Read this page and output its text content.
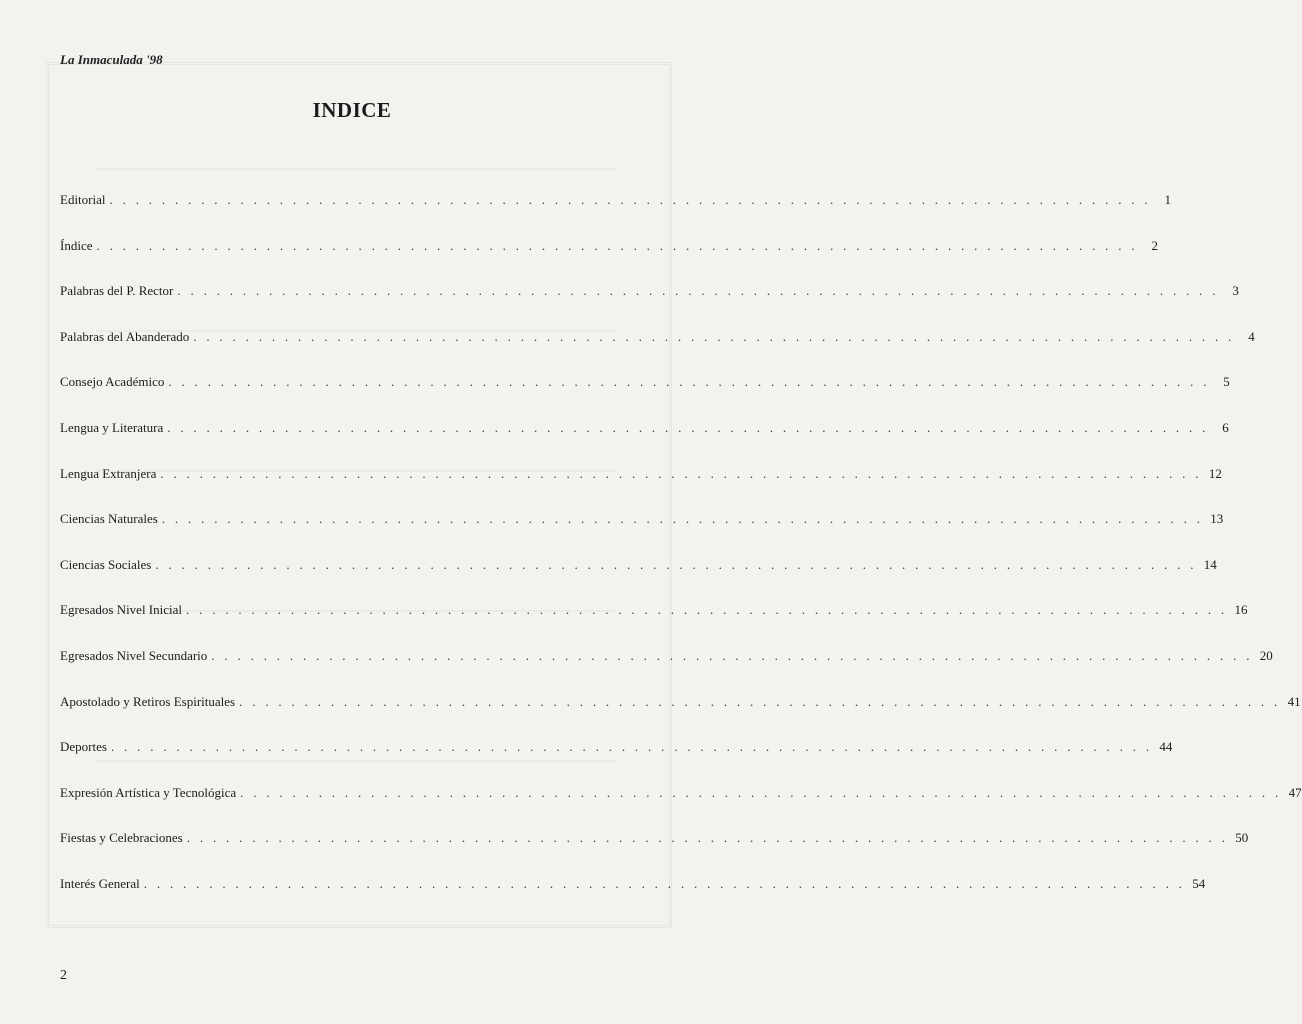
La Inmaculada '98
INDICE
Editorial . . . . . . . . . . . . . . . . . . . . . . . . . . . . . . . . . . . . . . . . . . . . . . . . . . . . . . . . . . . . . . . . . . . . . . . . . . . . . . . .	1
Índice . . . . . . . . . . . . . . . . . . . . . . . . . . . . . . . . . . . . . . . . . . . . . . . . . . . . . . . . . . . . . . . . . . . . . . . . . . . . . . . .	2
Palabras del P. Rector . . . . . . . . . . . . . . . . . . . . . . . . . . . . . . . . . . . . . . . . . . . . . . . . . . . . . . . . . . . . . . . . . . . . . . . . . . . . . . . .	3
Palabras del Abanderado . . . . . . . . . . . . . . . . . . . . . . . . . . . . . . . . . . . . . . . . . . . . . . . . . . . . . . . . . . . . . . . . . . . . . . . . . . . . . . . .	4
Consejo Académico . . . . . . . . . . . . . . . . . . . . . . . . . . . . . . . . . . . . . . . . . . . . . . . . . . . . . . . . . . . . . . . . . . . . . . . . . . . . . . . .	5
Lengua y Literatura . . . . . . . . . . . . . . . . . . . . . . . . . . . . . . . . . . . . . . . . . . . . . . . . . . . . . . . . . . . . . . . . . . . . . . . . . . . . . . . .	6
Lengua Extranjera . . . . . . . . . . . . . . . . . . . . . . . . . . . . . . . . . . . . . . . . . . . . . . . . . . . . . . . . . . . . . . . . . . . . . . . . . . . . . . . . 12
Ciencias Naturales . . . . . . . . . . . . . . . . . . . . . . . . . . . . . . . . . . . . . . . . . . . . . . . . . . . . . . . . . . . . . . . . . . . . . . . . . . . . . . . . 13
Ciencias Sociales . . . . . . . . . . . . . . . . . . . . . . . . . . . . . . . . . . . . . . . . . . . . . . . . . . . . . . . . . . . . . . . . . . . . . . . . . . . . . . . . 14
Egresados Nivel Inicial . . . . . . . . . . . . . . . . . . . . . . . . . . . . . . . . . . . . . . . . . . . . . . . . . . . . . . . . . . . . . . . . . . . . . . . . . . . . . . . . 16
Egresados Nivel Secundario . . . . . . . . . . . . . . . . . . . . . . . . . . . . . . . . . . . . . . . . . . . . . . . . . . . . . . . . . . . . . . . . . . . . . . . . . . . . . . . . 20
Apostolado y Retiros Espirituales . . . . . . . . . . . . . . . . . . . . . . . . . . . . . . . . . . . . . . . . . . . . . . . . . . . . . . . . . . . . . . . . . . . . . . . . . . . . . . . . 41
Deportes . . . . . . . . . . . . . . . . . . . . . . . . . . . . . . . . . . . . . . . . . . . . . . . . . . . . . . . . . . . . . . . . . . . . . . . . . . . . . . . . 44
Expresión Artística y Tecnológica . . . . . . . . . . . . . . . . . . . . . . . . . . . . . . . . . . . . . . . . . . . . . . . . . . . . . . . . . . . . . . . . . . . . . . . . . . . . . . . . 47
Fiestas y Celebraciones . . . . . . . . . . . . . . . . . . . . . . . . . . . . . . . . . . . . . . . . . . . . . . . . . . . . . . . . . . . . . . . . . . . . . . . . . . . . . . . . 50
Interés General . . . . . . . . . . . . . . . . . . . . . . . . . . . . . . . . . . . . . . . . . . . . . . . . . . . . . . . . . . . . . . . . . . . . . . . . . . . . . . . . 54
2
